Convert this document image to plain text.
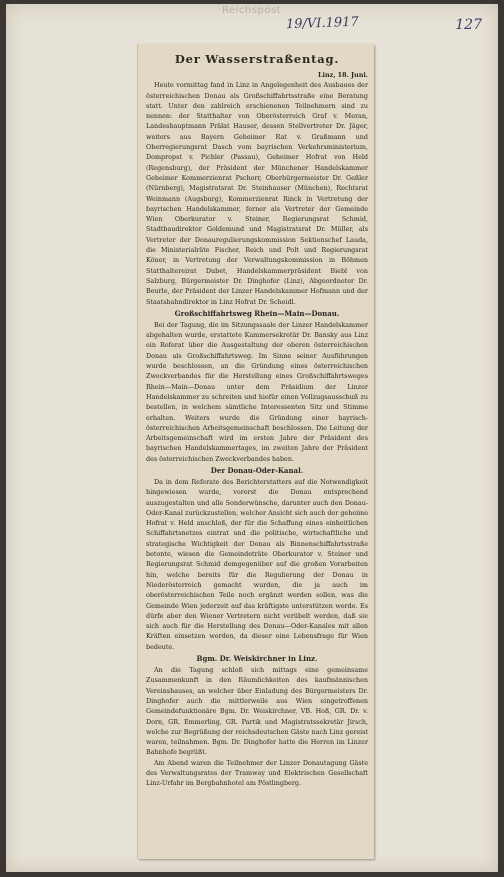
Reichspost
19/VI.1917	127
Der Wasserstraßentag.
Linz, 18. Juni.

Heute vormittag fand in Linz in Angelegenheit des Ausbaues der österreichischen Donau als Großschiffahrtsstraße eine Beratung statt. Unter den zahlreich erschienenen Teilnehmern sind zu nennen: der Statthalter von Oberösterreich Graf v. Meran, Landeshauptmann Prälat Hauser, dessen Stellvertreter Dr. Jäger, weiters aus Bayern Geheimer Rat v. Graßmann und Oberregierungsrat Dasch vom bayrischen Verkehrsministerium, Dompropst v. Pichler (Passau), Geheimer Hofrat von Held (Regensburg), der Präsident der Münchener Handelskammer Geheimer Kommerzienrat Pschorr, Oberbürgermeister Dr. Geßler (Nürnberg), Magistratsrat Dr. Steinhauser (München), Rechtsrat Weinmann (Augsburg), Kommerzienrat Rinck in Vertretung der bayrischen Handelskammer, ferner als Vertreter der Gemeinde Wien Oberkurator v. Steiner, Regierungsrat Schmid, Stadtbaudirektor Goldemund und Magistratsrat Dr. Müller, als Vertreter der Donauregulierungskommission Sektionschef Lauda, die Ministerialräte Fischer, Reich und Polt und Regierungsrat Köner, in Vertretung der Verwaltungskommission in Böhmen Statthaltereirat Dubet, Handelskammerpräsident Biebl von Salzburg, Bürgermeister Dr. Dinghofer (Linz), Abgeordneter Dr. Beurle, der Präsident der Linzer Handelskammer Hofmann und der Staatsbahndirektor in Linz Hofrat Dr. Scheidl.

Großschiffahrtsweg Rhein—Main—Donau.

Bei der Tagung, die im Sitzungssaale der Linzer Handelskammer abgehalten wurde, erstattete Kammersekretär Dr. Bansky aus Linz ein Referat über die Ausgestaltung der oberen österreichischen Donau als Großschiffahrtsweg. Im Sinne seiner Ausführungen wurde beschlossen, an die Gründung eines österreichischen Zweckverbandes für die Herstellung eines Großschiffahrtsweges Rhein—Main—Donau unter dem Präsidium der Linzer Handelskammer zu schreiten und hiefür einen Vollzugsausschuß zu bestellen, in welchem sämtliche Interessenten Sitz und Stimme erhalten. Weiters wurde die Gründung einer bayrisch-österreichischen Arbeitsgemeinschaft beschlossen. Die Leitung der Arbeitsgemeinschaft wird im ersten Jahre der Präsident des bayrischen Handelskammertages, im zweiten Jahre der Präsident des österreichischen Zweckverbandes haben.

Der Donau-Oder-Kanal.

Da in dem Referate des Berichterstatters auf die Notwendigkeit hingewiesen wurde, vorerst die Donau entsprechend auszugestalten und alle Sonderwünsche, darunter auch den Donau-Oder-Kanal zurückzustellen, welcher Ansicht sich auch der geheime Hofrat v. Held anschloß, der für die Schaffung eines einheitlichen Schiffahrtsnetzes eintrat und die politische, wirtschaftliche und strategische Wichtigkeit der Donau als Binnenschiffahrtsstraße betonte, wiesen die Gemeindeträte Oberkurator v. Steiner und Regierungsrat Schmid demgegenüber auf die großen Vorarbeiten hin, welche bereits für die Regulierung der Donau in Niederösterreich gemacht wurden, die ja auch im oberösterreichischen Teile noch ergänzt werden sollen, was die Gemeinde Wien jederzeit auf das kräftigste unterstützen werde. Es dürfe aber den Wiener Vertretern nicht verübelt werden, daß sie sich auch für die Herstellung des Donau—Oder-Kanales mit allen Kräften einsetzen werden, da dieser eine Lebensfrage für Wien bedeute.

Bgm. Dr. Weiskirchner in Linz.

An die Tagung schloß sich mittags eine gemeinsame Zusammenkunft in den Räumlichkeiten des kaufmännischen Vereinshauses, an welcher über Einladung des Bürgermeisters Dr. Dinghofer auch die mittlerweile aus Wien eingetroffenen Gemeindefunktionäre Bgm. Dr. Weiskirchner, VB. Hoß, GR. Dr. v. Dorn, GR. Emmerling, GR. Partik und Magistratssekretär Jirsch, welche zur Begrüßung der reichsdeutschen Gäste nach Linz gereist waren, teilnahmen. Bgm. Dr. Dinghofer hatte die Herren im Linzer Bahnhofe begrüßt.

Am Abend waren die Teilnehmer der Linzer Donautagung Gäste des Verwaltungsrates der Tramway und Elektrischen Gesellschaft Linz-Urfahr im Bergbahnhotel am Pöstlingberg.
